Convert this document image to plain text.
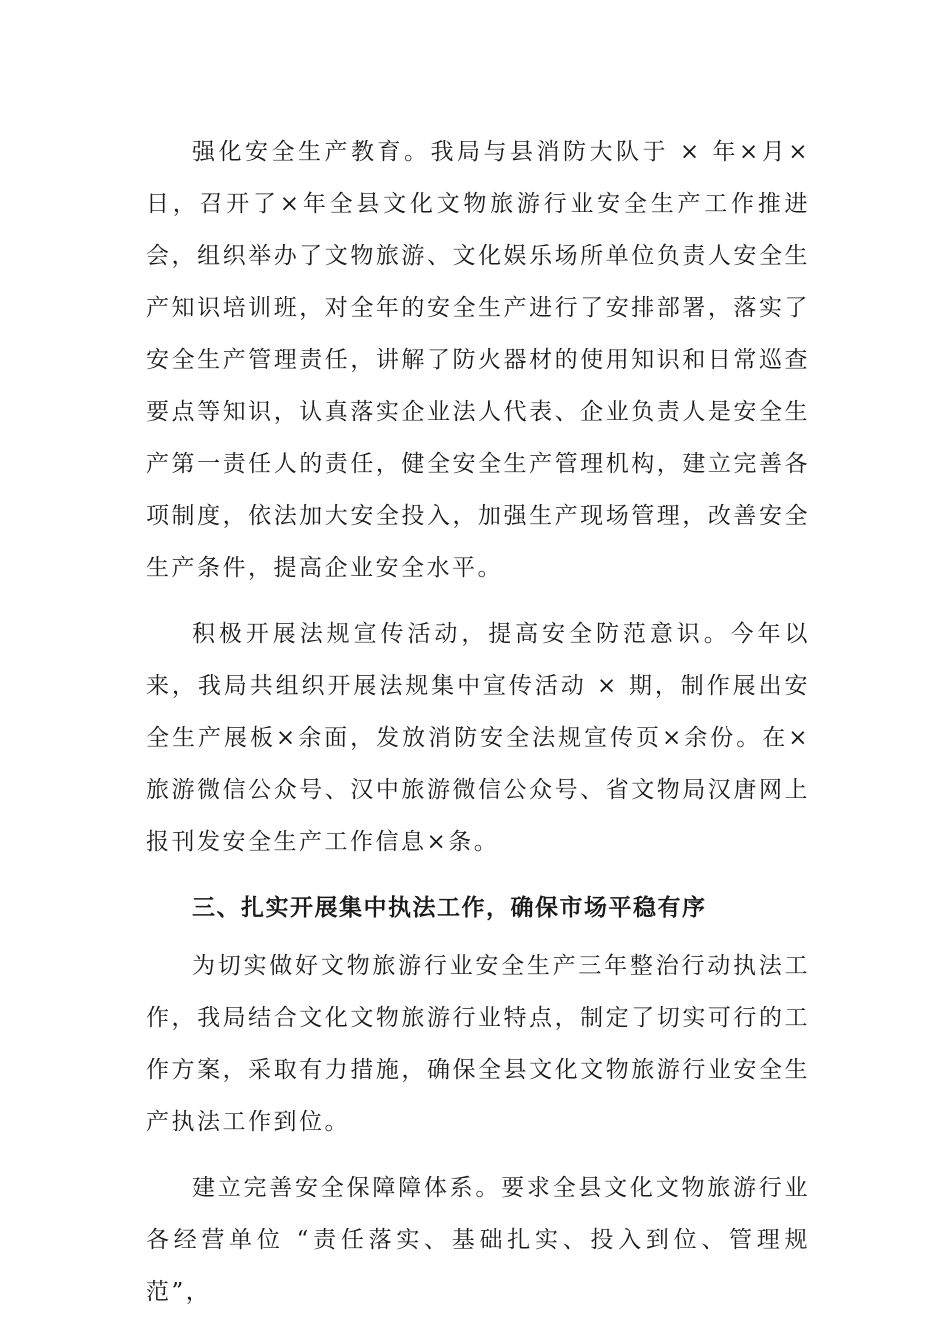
强化安全生产教育。我局与县消防大队于 × 年×月×日，召开了×年全县文化文物旅游行业安全生产工作推进会，组织举办了文物旅游、文化娱乐场所单位负责人安全生产知识培训班，对全年的安全生产进行了安排部署，落实了安全生产管理责任，讲解了防火器材的使用知识和日常巡查要点等知识，认真落实企业法人代表、企业负责人是安全生产第一责任人的责任，健全安全生产管理机构，建立完善各项制度，依法加大安全投入，加强生产现场管理，改善安全生产条件，提高企业安全水平。

积极开展法规宣传活动，提高安全防范意识。今年以来，我局共组织开展法规集中宣传活动 × 期，制作展出安全生产展板×余面，发放消防安全法规宣传页×余份。在×旅游微信公众号、汉中旅游微信公众号、省文物局汉唐网上报刊发安全生产工作信息×条。

三、扎实开展集中执法工作，确保市场平稳有序

为切实做好文物旅游行业安全生产三年整治行动执法工作，我局结合文化文物旅游行业特点，制定了切实可行的工作方案，采取有力措施，确保全县文化文物旅游行业安全生产执法工作到位。

建立完善安全保障障体系。要求全县文化文物旅游行业各经营单位 “责任落实、基础扎实、投入到位、管理规范”，
